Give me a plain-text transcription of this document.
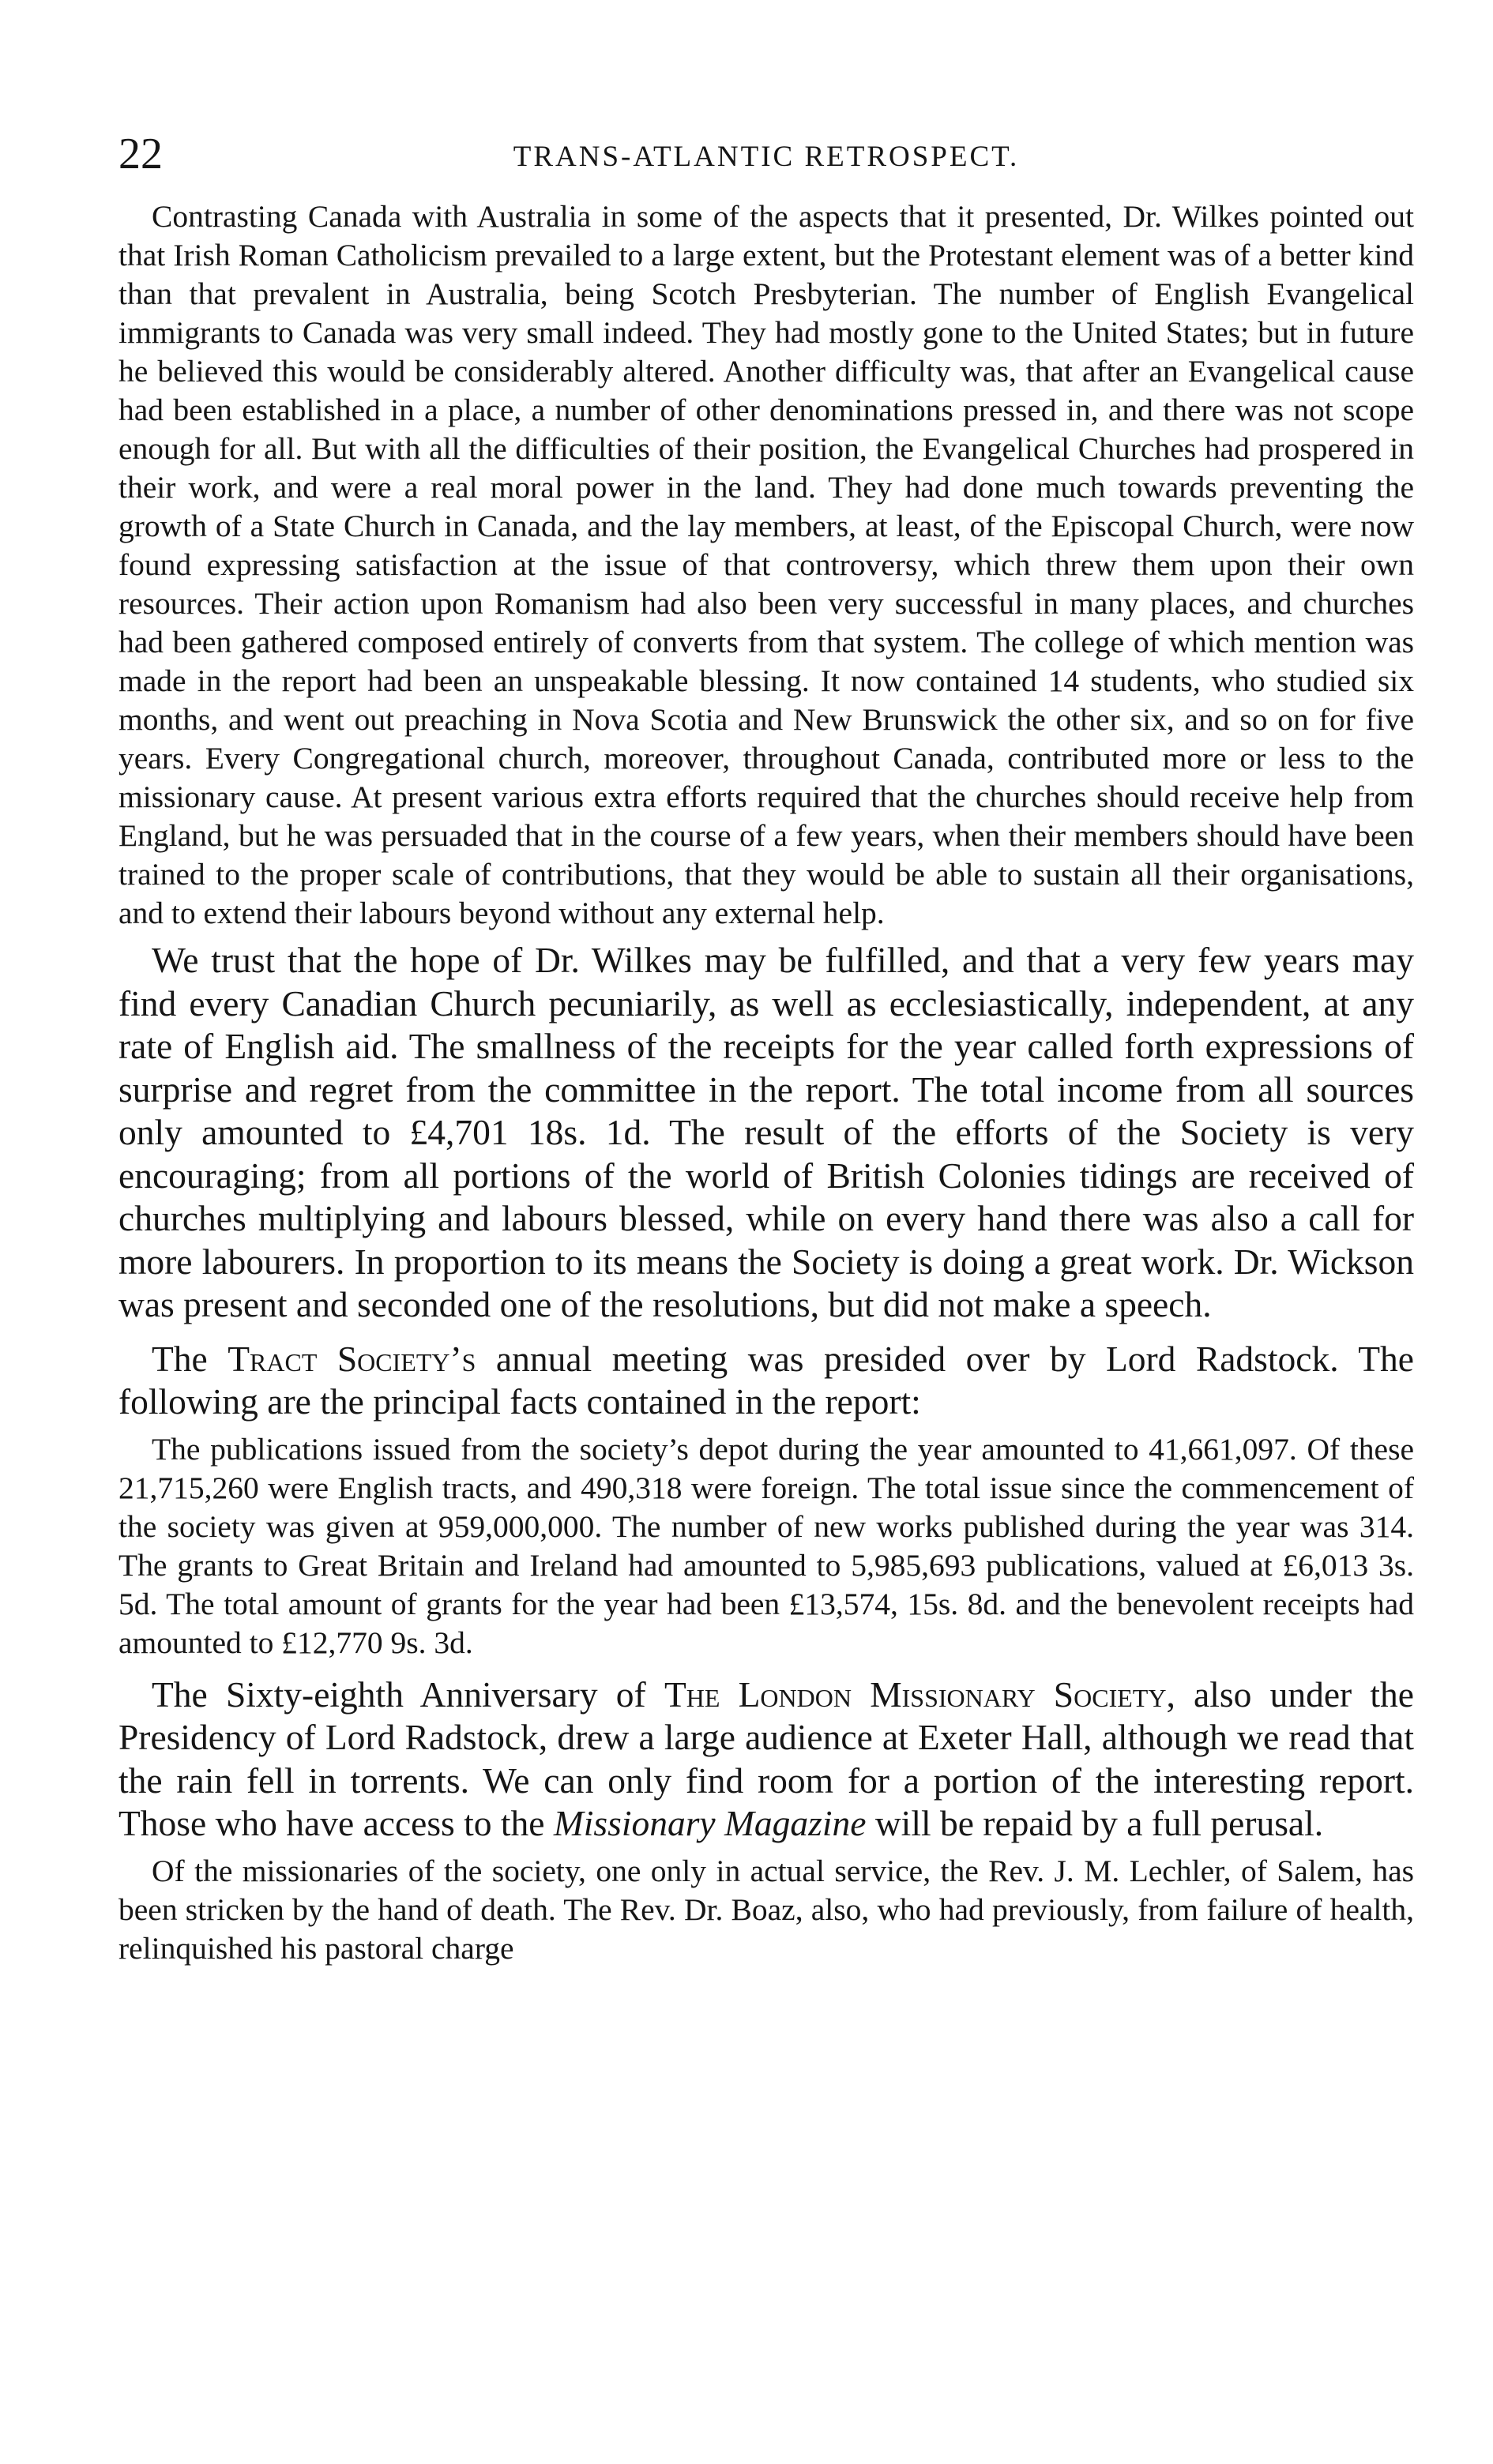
22	TRANS-ATLANTIC RETROSPECT.

Contrasting Canada with Australia in some of the aspects that it presented, Dr. Wilkes pointed out that Irish Roman Catholicism prevailed to a large extent, but the Protestant element was of a better kind than that prevalent in Australia, being Scotch Presbyterian. The number of English Evangelical immigrants to Canada was very small indeed. They had mostly gone to the United States; but in future he believed this would be considerably altered. Another difficulty was, that after an Evangelical cause had been established in a place, a number of other denominations pressed in, and there was not scope enough for all. But with all the difficulties of their position, the Evangelical Churches had prospered in their work, and were a real moral power in the land. They had done much towards preventing the growth of a State Church in Canada, and the lay members, at least, of the Episcopal Church, were now found expressing satisfaction at the issue of that controversy, which threw them upon their own resources. Their action upon Romanism had also been very successful in many places, and churches had been gathered composed entirely of converts from that system. The college of which mention was made in the report had been an unspeakable blessing. It now contained 14 students, who studied six months, and went out preaching in Nova Scotia and New Brunswick the other six, and so on for five years. Every Congregational church, moreover, throughout Canada, contributed more or less to the missionary cause. At present various extra efforts required that the churches should receive help from England, but he was persuaded that in the course of a few years, when their members should have been trained to the proper scale of contributions, that they would be able to sustain all their organisations, and to extend their labours beyond without any external help.

We trust that the hope of Dr. Wilkes may be fulfilled, and that a very few years may find every Canadian Church pecuniarily, as well as ecclesiastically, independent, at any rate of English aid. The smallness of the receipts for the year called forth expressions of surprise and regret from the committee in the report. The total income from all sources only amounted to £4,701 18s. 1d. The result of the efforts of the Society is very encouraging; from all portions of the world of British Colonies tidings are received of churches multiplying and labours blessed, while on every hand there was also a call for more labourers. In proportion to its means the Society is doing a great work. Dr. Wickson was present and seconded one of the resolutions, but did not make a speech.

The Tract Society’s annual meeting was presided over by Lord Radstock. The following are the principal facts contained in the report:

The publications issued from the society’s depot during the year amounted to 41,661,097. Of these 21,715,260 were English tracts, and 490,318 were foreign. The total issue since the commencement of the society was given at 959,000,000. The number of new works published during the year was 314. The grants to Great Britain and Ireland had amounted to 5,985,693 publications, valued at £6,013 3s. 5d. The total amount of grants for the year had been £13,574, 15s. 8d. and the benevolent receipts had amounted to £12,770 9s. 3d.

The Sixty-eighth Anniversary of The London Missionary Society, also under the Presidency of Lord Radstock, drew a large audience at Exeter Hall, although we read that the rain fell in torrents. We can only find room for a portion of the interesting report. Those who have access to the Missionary Magazine will be repaid by a full perusal.

Of the missionaries of the society, one only in actual service, the Rev. J. M. Lechler, of Salem, has been stricken by the hand of death. The Rev. Dr. Boaz, also, who had previously, from failure of health, relinquished his pastoral charge
